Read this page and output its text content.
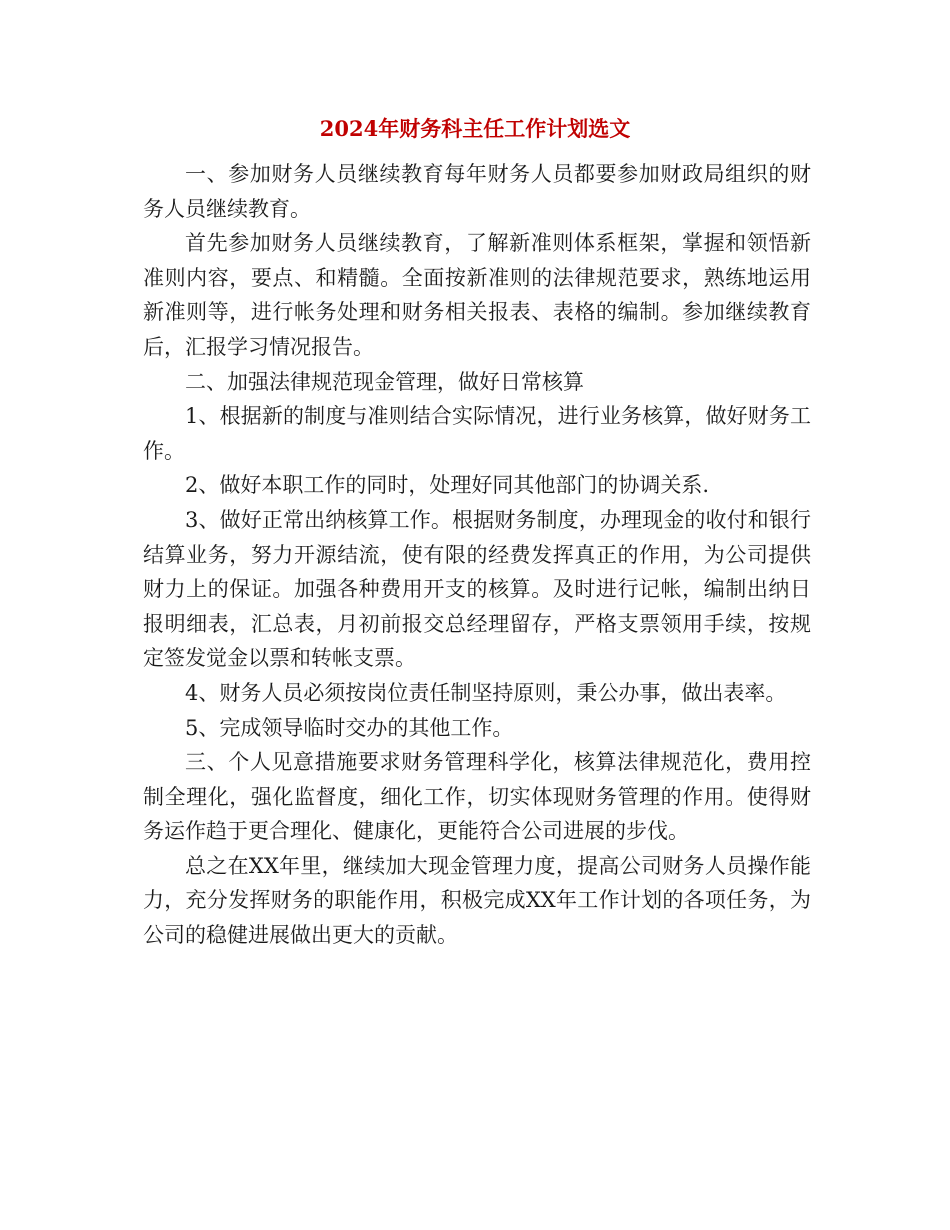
2024年财务科主任工作计划选文

一、参加财务人员继续教育每年财务人员都要参加财政局组织的财务人员继续教育。

首先参加财务人员继续教育，了解新准则体系框架，掌握和领悟新准则内容，要点、和精髓。全面按新准则的法律规范要求，熟练地运用新准则等，进行帐务处理和财务相关报表、表格的编制。参加继续教育后，汇报学习情况报告。

二、加强法律规范现金管理，做好日常核算

1、根据新的制度与准则结合实际情况，进行业务核算，做好财务工作。

2、做好本职工作的同时，处理好同其他部门的协调关系.

3、做好正常出纳核算工作。根据财务制度，办理现金的收付和银行结算业务，努力开源结流，使有限的经费发挥真正的作用，为公司提供财力上的保证。加强各种费用开支的核算。及时进行记帐，编制出纳日报明细表，汇总表，月初前报交总经理留存，严格支票领用手续，按规定签发觉金以票和转帐支票。

4、财务人员必须按岗位责任制坚持原则，秉公办事，做出表率。

5、完成领导临时交办的其他工作。

三、个人见意措施要求财务管理科学化，核算法律规范化，费用控制全理化，强化监督度，细化工作，切实体现财务管理的作用。使得财务运作趋于更合理化、健康化，更能符合公司进展的步伐。

总之在XX年里，继续加大现金管理力度，提高公司财务人员操作能力，充分发挥财务的职能作用，积极完成XX年工作计划的各项任务，为公司的稳健进展做出更大的贡献。
